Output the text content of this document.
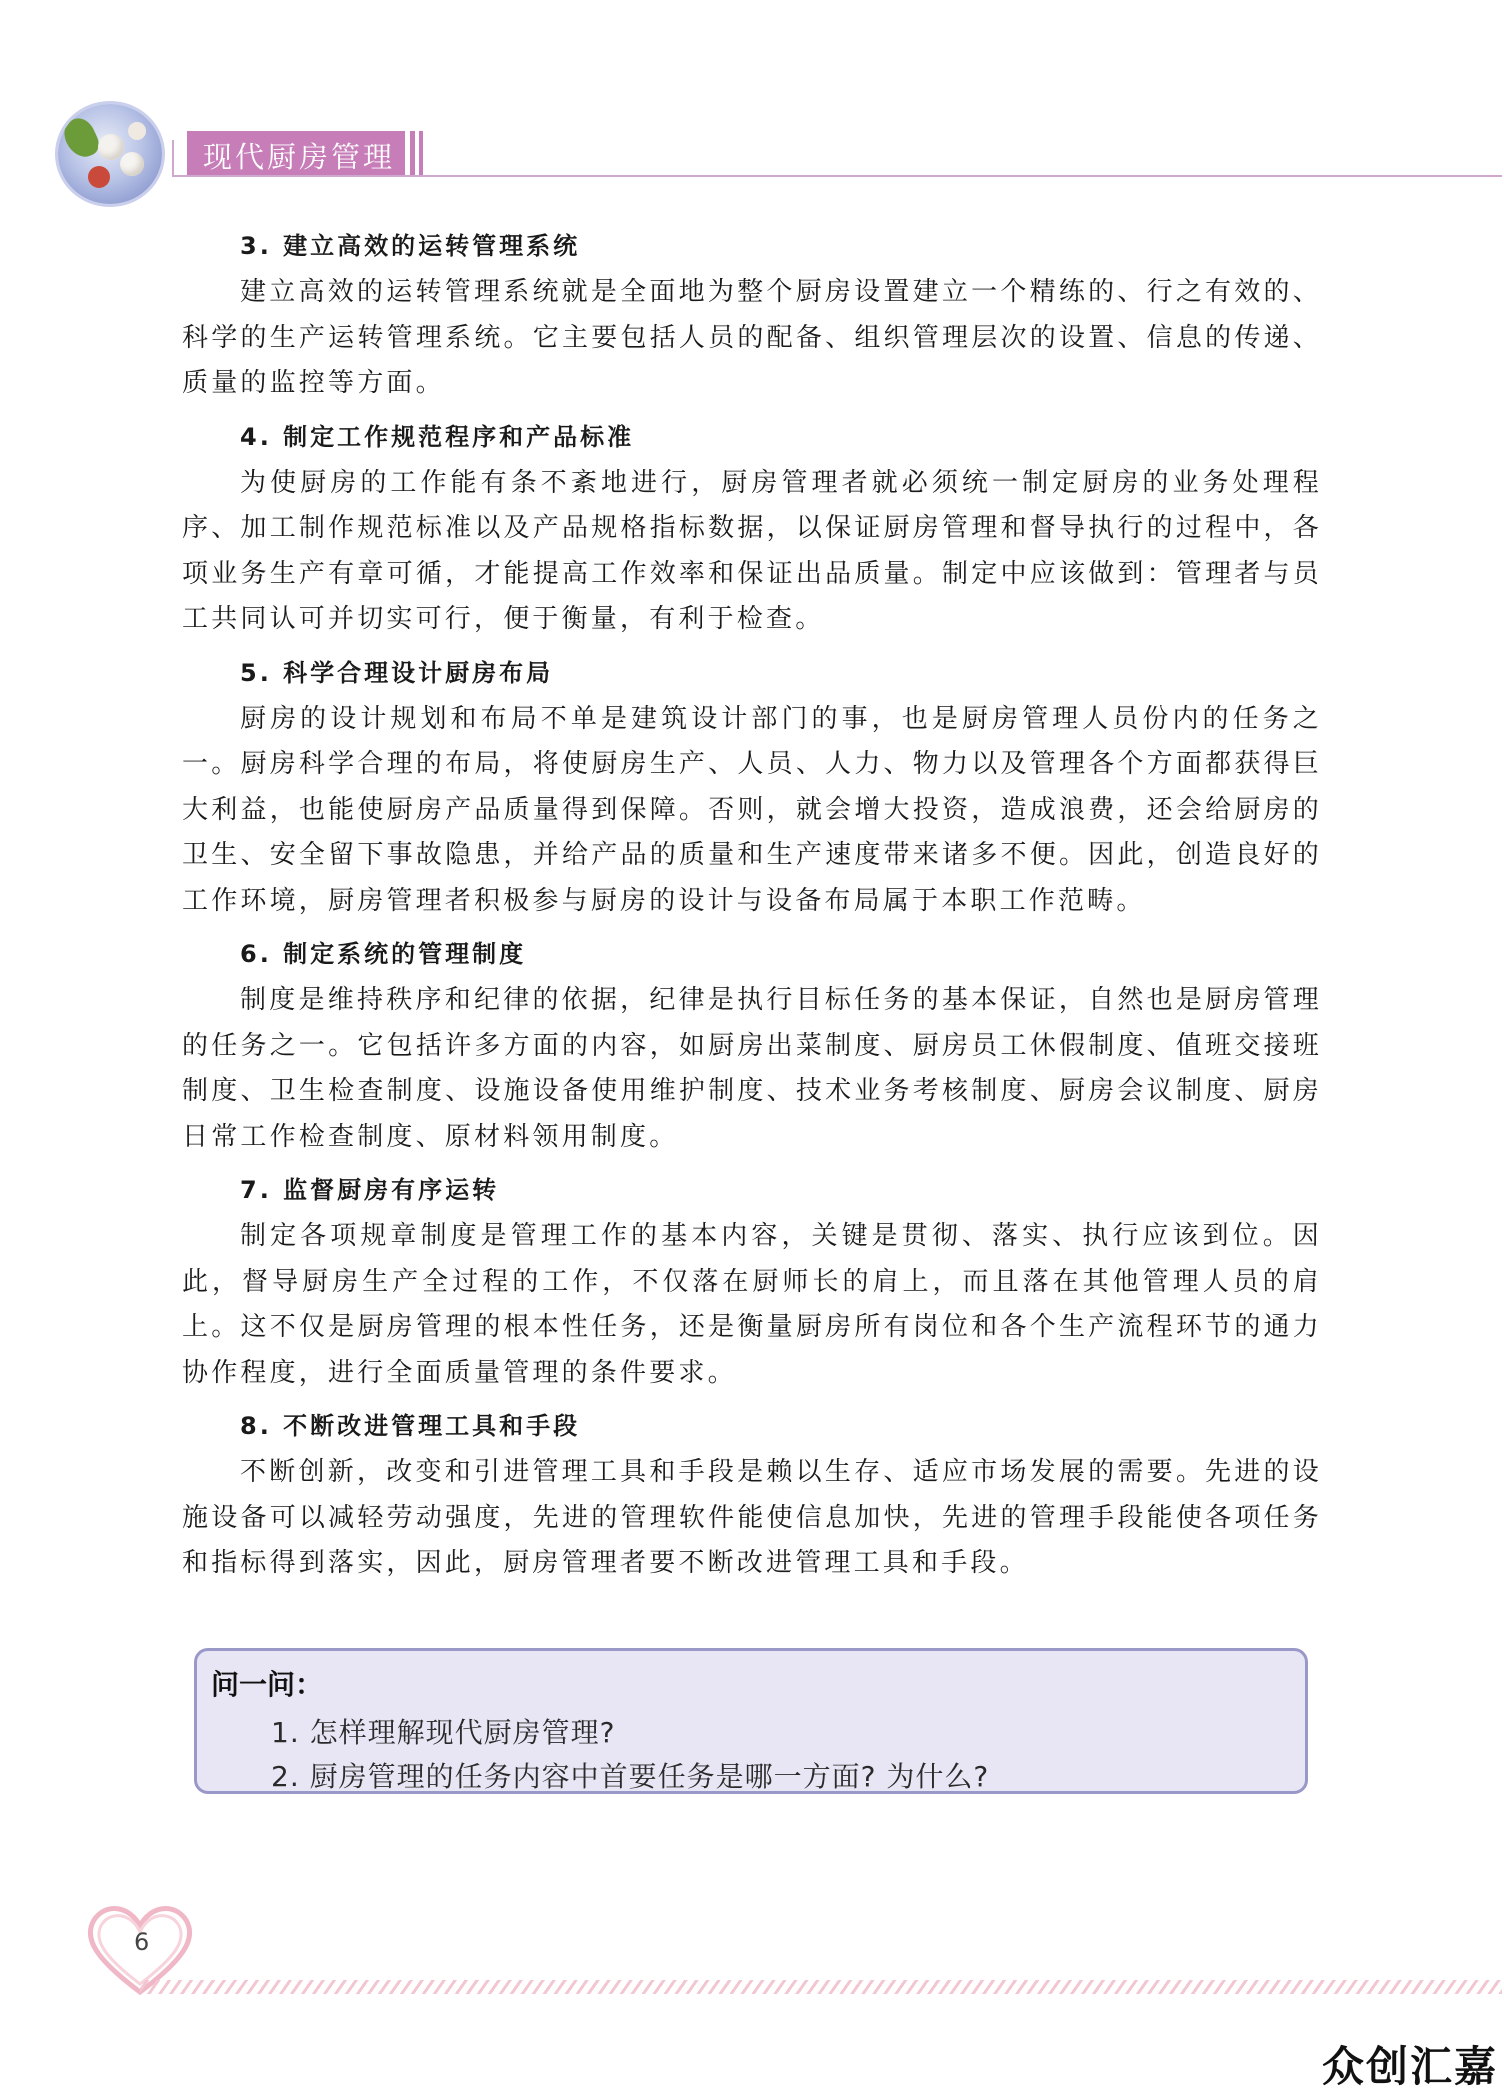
现代厨房管理
3. 建立高效的运转管理系统

建立高效的运转管理系统就是全面地为整个厨房设置建立一个精练的、行之有效的、科学的生产运转管理系统。它主要包括人员的配备、组织管理层次的设置、信息的传递、质量的监控等方面。

4. 制定工作规范程序和产品标准

为使厨房的工作能有条不紊地进行，厨房管理者就必须统一制定厨房的业务处理程序、加工制作规范标准以及产品规格指标数据，以保证厨房管理和督导执行的过程中，各项业务生产有章可循，才能提高工作效率和保证出品质量。制定中应该做到：管理者与员工共同认可并切实可行，便于衡量，有利于检查。

5. 科学合理设计厨房布局

厨房的设计规划和布局不单是建筑设计部门的事，也是厨房管理人员份内的任务之一。厨房科学合理的布局，将使厨房生产、人员、人力、物力以及管理各个方面都获得巨大利益，也能使厨房产品质量得到保障。否则，就会增大投资，造成浪费，还会给厨房的卫生、安全留下事故隐患，并给产品的质量和生产速度带来诸多不便。因此，创造良好的工作环境，厨房管理者积极参与厨房的设计与设备布局属于本职工作范畴。

6. 制定系统的管理制度

制度是维持秩序和纪律的依据，纪律是执行目标任务的基本保证，自然也是厨房管理的任务之一。它包括许多方面的内容，如厨房出菜制度、厨房员工休假制度、值班交接班制度、卫生检查制度、设施设备使用维护制度、技术业务考核制度、厨房会议制度、厨房日常工作检查制度、原材料领用制度。

7. 监督厨房有序运转

制定各项规章制度是管理工作的基本内容，关键是贯彻、落实、执行应该到位。因此，督导厨房生产全过程的工作，不仅落在厨师长的肩上，而且落在其他管理人员的肩上。这不仅是厨房管理的根本性任务，还是衡量厨房所有岗位和各个生产流程环节的通力协作程度，进行全面质量管理的条件要求。

8. 不断改进管理工具和手段

不断创新，改变和引进管理工具和手段是赖以生存、适应市场发展的需要。先进的设施设备可以减轻劳动强度，先进的管理软件能使信息加快，先进的管理手段能使各项任务和指标得到落实，因此，厨房管理者要不断改进管理工具和手段。

问一问：
1. 怎样理解现代厨房管理?
2. 厨房管理的任务内容中首要任务是哪一方面? 为什么?
6
众创汇嘉
